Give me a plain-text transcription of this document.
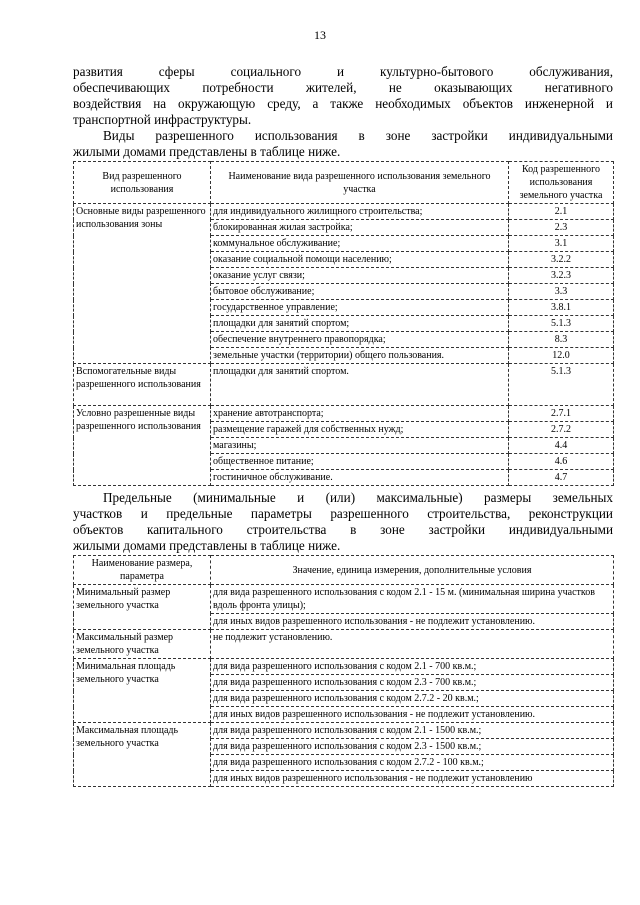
13

развития сферы социального и культурно-бытового обслуживания,

обеспечивающих потребности жителей, не оказывающих негативного

воздействия на окружающую среду, а также необходимых объектов инженерной и

транспортной инфраструктуры.

Виды разрешенного использования в зоне застройки индивидуальными

жилыми домами представлены в таблице ниже.

Вид разрешенного использования	Наименование вида разрешенного использования земельного участка	Код разрешенного использования земельного участка
Основные виды разрешенного использования зоны	для индивидуального жилищного строительства;	2.1
	блокированная жилая застройка;	2.3
	коммунальное обслуживание;	3.1
	оказание социальной помощи населению;	3.2.2
	оказание услуг связи;	3.2.3
	бытовое обслуживание;	3.3
	государственное управление;	3.8.1
	площадки для занятий спортом;	5.1.3
	обеспечение внутреннего правопорядка;	8.3
	земельные участки (территории) общего пользования.	12.0
Вспомогательные виды разрешенного использования	площадки для занятий спортом.	5.1.3
Условно разрешенные виды разрешенного использования	хранение автотранспорта;	2.7.1
	размещение гаражей для собственных нужд;	2.7.2
	магазины;	4.4
	общественное питание;	4.6
	гостиничное обслуживание.	4.7

Предельные (минимальные и (или) максимальные) размеры земельных

участков и предельные параметры разрешенного строительства, реконструкции

объектов капитального строительства в зоне застройки индивидуальными

жилыми домами представлены в таблице ниже.

Наименование размера, параметра	Значение, единица измерения, дополнительные условия
Минимальный размер земельного участка	для вида разрешенного использования с кодом 2.1 - 15 м. (минимальная ширина участков вдоль фронта улицы);
	для иных видов разрешенного использования - не подлежит установлению.
Максимальный размер земельного участка	не подлежит установлению.
Минимальная площадь земельного участка	для вида разрешенного использования с кодом 2.1 - 700 кв.м.;
	для вида разрешенного использования с кодом 2.3 - 700 кв.м.;
	для вида разрешенного использования с кодом 2.7.2 - 20 кв.м.;
	для иных видов разрешенного использования - не подлежит установлению.
Максимальная площадь земельного участка	для вида разрешенного использования с кодом 2.1 - 1500 кв.м.;
	для вида разрешенного использования с кодом 2.3 - 1500 кв.м.;
	для вида разрешенного использования с кодом 2.7.2 - 100 кв.м.;
	для иных видов разрешенного использования - не подлежит установлению
